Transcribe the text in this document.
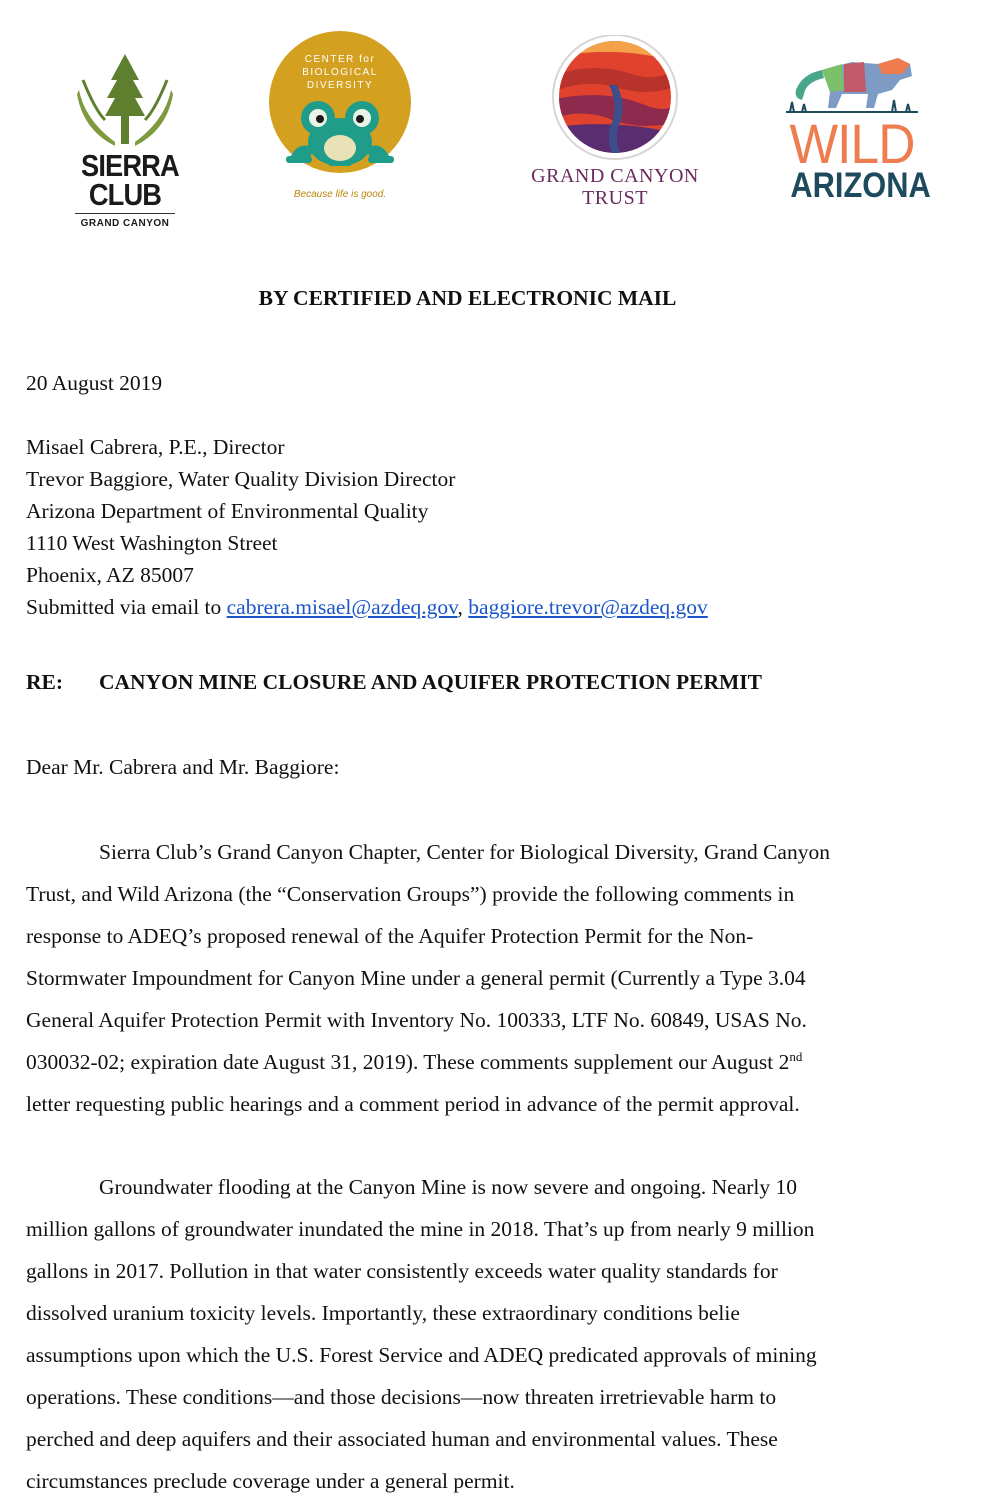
SIERRA
CLUB
GRAND CANYON
CENTER for
BIOLOGICAL
DIVERSITY
Because life is good.
GRAND CANYON
TRUST
WILD
ARIZONA
BY CERTIFIED AND ELECTRONIC MAIL
20 August 2019
Misael Cabrera, P.E., Director
Trevor Baggiore, Water Quality Division Director
Arizona Department of Environmental Quality
1110 West Washington Street
Phoenix, AZ 85007
Submitted via email to cabrera.misael@azdeq.gov, baggiore.trevor@azdeq.gov
RE: CANYON MINE CLOSURE AND AQUIFER PROTECTION PERMIT
Dear Mr. Cabrera and Mr. Baggiore:
Sierra Club’s Grand Canyon Chapter, Center for Biological Diversity, Grand Canyon
Trust, and Wild Arizona (the “Conservation Groups”) provide the following comments in
response to ADEQ’s proposed renewal of the Aquifer Protection Permit for the Non-
Stormwater Impoundment for Canyon Mine under a general permit (Currently a Type 3.04
General Aquifer Protection Permit with Inventory No. 100333, LTF No. 60849, USAS No.
030032-02; expiration date August 31, 2019). These comments supplement our August 2nd
letter requesting public hearings and a comment period in advance of the permit approval.
Groundwater flooding at the Canyon Mine is now severe and ongoing. Nearly 10
million gallons of groundwater inundated the mine in 2018. That’s up from nearly 9 million
gallons in 2017. Pollution in that water consistently exceeds water quality standards for
dissolved uranium toxicity levels. Importantly, these extraordinary conditions belie
assumptions upon which the U.S. Forest Service and ADEQ predicated approvals of mining
operations. These conditions—and those decisions—now threaten irretrievable harm to
perched and deep aquifers and their associated human and environmental values. These
circumstances preclude coverage under a general permit.
